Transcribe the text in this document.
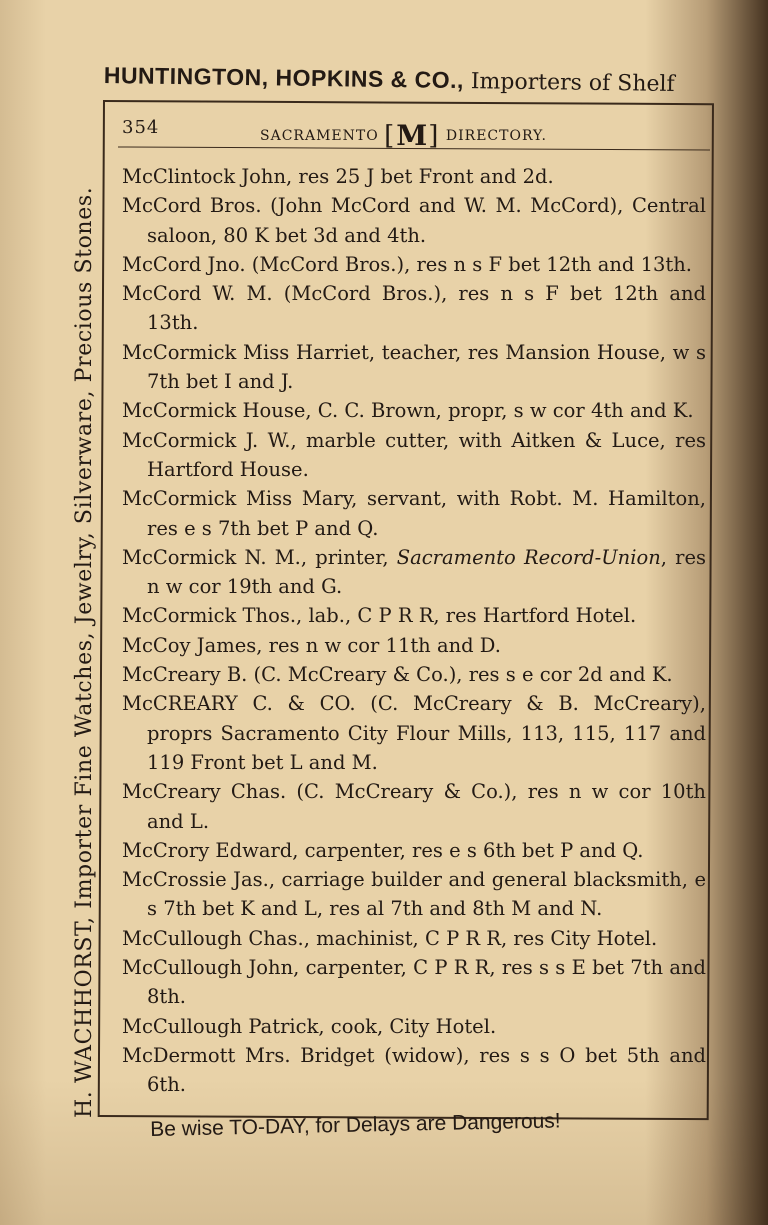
HUNTINGTON, HOPKINS & CO., Importers of Shelf
H. WACHHORST, Importer Fine Watches, Jewelry, Silverware, Precious Stones.
354	SACRAMENTO [M] DIRECTORY.

McClintock John, res 25 J bet Front and 2d.

McCord Bros. (John McCord and W. M. McCord), Central saloon, 80 K bet 3d and 4th.

McCord Jno. (McCord Bros.), res n s F bet 12th and 13th.

McCord W. M. (McCord Bros.), res n s F bet 12th and 13th.

McCormick Miss Harriet, teacher, res Mansion House, w s 7th bet I and J.

McCormick House, C. C. Brown, propr, s w cor 4th and K.

McCormick J. W., marble cutter, with Aitken & Luce, res Hartford House.

McCormick Miss Mary, servant, with Robt. M. Hamilton, res e s 7th bet P and Q.

McCormick N. M., printer, Sacramento Record-Union, res n w cor 19th and G.

McCormick Thos., lab., C P R R, res Hartford Hotel.

McCoy James, res n w cor 11th and D.

McCreary B. (C. McCreary & Co.), res s e cor 2d and K.

McCREARY C. & CO. (C. McCreary & B. McCreary), proprs Sacramento City Flour Mills, 113, 115, 117 and 119 Front bet L and M.

McCreary Chas. (C. McCreary & Co.), res n w cor 10th and L.

McCrory Edward, carpenter, res e s 6th bet P and Q.

McCrossie Jas., carriage builder and general blacksmith, e s 7th bet K and L, res al 7th and 8th M and N.

McCullough Chas., machinist, C P R R, res City Hotel.

McCullough John, carpenter, C P R R, res s s E bet 7th and 8th.

McCullough Patrick, cook, City Hotel.

McDermott Mrs. Bridget (widow), res s s O bet 5th and 6th.

Be wise TO-DAY, for Delays are Dangerous!
